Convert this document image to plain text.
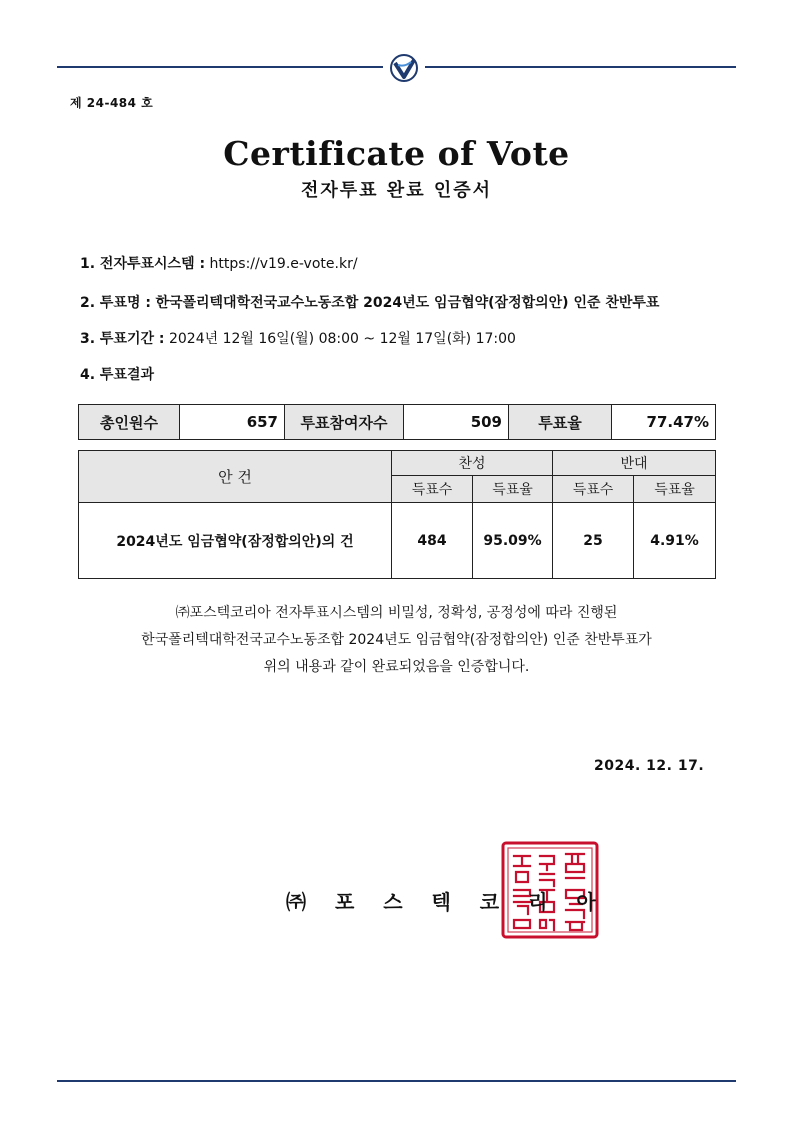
제 24-484 호
Certificate of Vote
전자투표 완료 인증서
1. 전자투표시스템 : https://v19.e-vote.kr/
2. 투표명 : 한국폴리텍대학전국교수노동조합 2024년도 임금협약(잠정합의안) 인준 찬반투표
3. 투표기간 : 2024년 12월 16일(월) 08:00 ~ 12월 17일(화) 17:00
4. 투표결과
총인원수	657	투표참여자수	509	투표율	77.47%
안 건	찬성		반대	
	득표수	득표율	득표수	득표율
2024년도 임금협약(잠정합의안)의 건	484	95.09%	25	4.91%
㈜포스텍코리아 전자투표시스템의 비밀성, 정확성, 공정성에 따라 진행된
한국폴리텍대학전국교수노동조합 2024년도 임금협약(잠정합의안) 인준 찬반투표가
위의 내용과 같이 완료되었음을 인증합니다.
2024. 12. 17.
㈜ 포 스 텍 코 리 아
